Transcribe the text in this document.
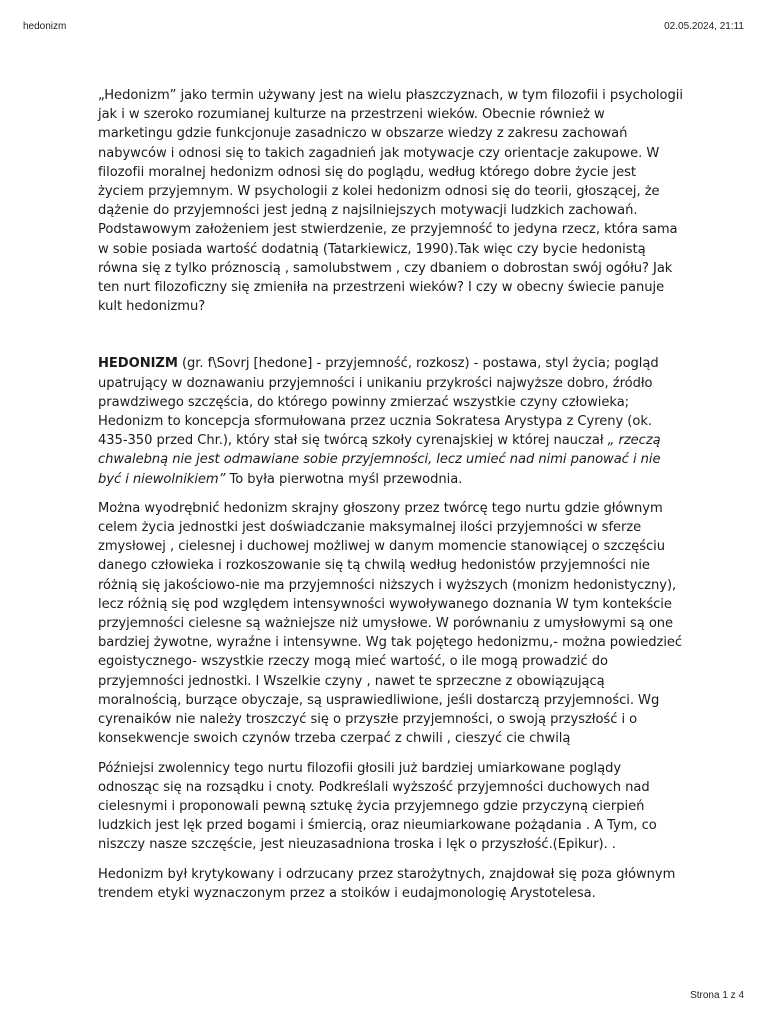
hedonizm	02.05.2024, 21:11

„Hedonizm” jako termin używany jest na wielu płaszczyznach, w tym filozofii i psychologii jak i w szeroko rozumianej kulturze na przestrzeni wieków. Obecnie również w marketingu gdzie funkcjonuje zasadniczo w obszarze wiedzy z zakresu zachowań nabywców i odnosi się to takich zagadnień jak motywacje czy orientacje zakupowe. W filozofii moralnej hedonizm odnosi się do poglądu, według którego dobre życie jest życiem przyjemnym. W psychologii z kolei hedonizm odnosi się do teorii, głoszącej, że dążenie do przyjemności jest jedną z najsilniejszych motywacji ludzkich zachowań. Podstawowym założeniem jest stwierdzenie, ze przyjemność to jedyna rzecz, która sama w sobie posiada wartość dodatnią (Tatarkiewicz, 1990).Tak więc czy bycie hedonistą równa się z tylko próznoscią , samolubstwem , czy dbaniem o dobrostan swój ogółu? Jak ten nurt filozoficzny się zmieniła na przestrzeni wieków? I czy w obecny świecie panuje kult hedonizmu?

HEDONIZM (gr. f\Sovrj [hedone] - przyjemność, rozkosz) - postawa, styl życia; pogląd upatrujący w doznawaniu przyjemności i unikaniu przykrości najwyższe dobro, źródło prawdziwego szczęścia, do którego powinny zmierzać wszystkie czyny człowieka; Hedonizm to koncepcja sformułowana przez ucznia Sokratesa Arystypa z Cyreny (ok. 435-350 przed Chr.), który stał się twórcą szkoły cyrenajskiej w której nauczał „ rzeczą chwalebną nie jest odmawiane sobie przyjemności, lecz umieć nad nimi panować i nie być i niewolnikiem” To była pierwotna myśl przewodnia.

Można wyodrębnić hedonizm skrajny głoszony przez twórcę tego nurtu gdzie głównym celem życia jednostki jest doświadczanie maksymalnej ilości przyjemności w sferze zmysłowej , cielesnej i duchowej możliwej w danym momencie stanowiącej o szczęściu danego człowieka i rozkoszowanie się tą chwilą według hedonistów przyjemności nie różnią się jakościowo-nie ma przyjemności niższych i wyższych (monizm hedonistyczny), lecz różnią się pod względem intensywności wywoływanego doznania W tym kontekście przyjemności cielesne są ważniejsze niż umysłowe. W porównaniu z umysłowymi są one bardziej żywotne, wyraźne i intensywne. Wg tak pojętego hedonizmu,- można powiedzieć egoistycznego- wszystkie rzeczy mogą mieć wartość, o ile mogą prowadzić do przyjemności jednostki. I Wszelkie czyny , nawet te sprzeczne z obowiązującą moralnością, burzące obyczaje, są usprawiedliwione, jeśli dostarczą przyjemności. Wg cyrenaików nie należy troszczyć się o przyszłe przyjemności, o swoją przyszłość i o konsekwencje swoich czynów trzeba czerpać z chwili , cieszyć cie chwilą

Późniejsi zwolennicy tego nurtu filozofii głosili już bardziej umiarkowane poglądy odnosząc się na rozsądku i cnoty. Podkreślali wyższość przyjemności duchowych nad cielesnymi i proponowali pewną sztukę życia przyjemnego gdzie przyczyną cierpień ludzkich jest lęk przed bogami i śmiercią, oraz nieumiarkowane pożądania . A Tym, co niszczy nasze szczęście, jest nieuzasadniona troska i lęk o przyszłość.(Epikur). .

Hedonizm był krytykowany i odrzucany przez starożytnych, znajdował się poza głównym trendem etyki wyznaczonym przez a stoików i eudajmonologię Arystotelesa.

Strona 1 z 4
